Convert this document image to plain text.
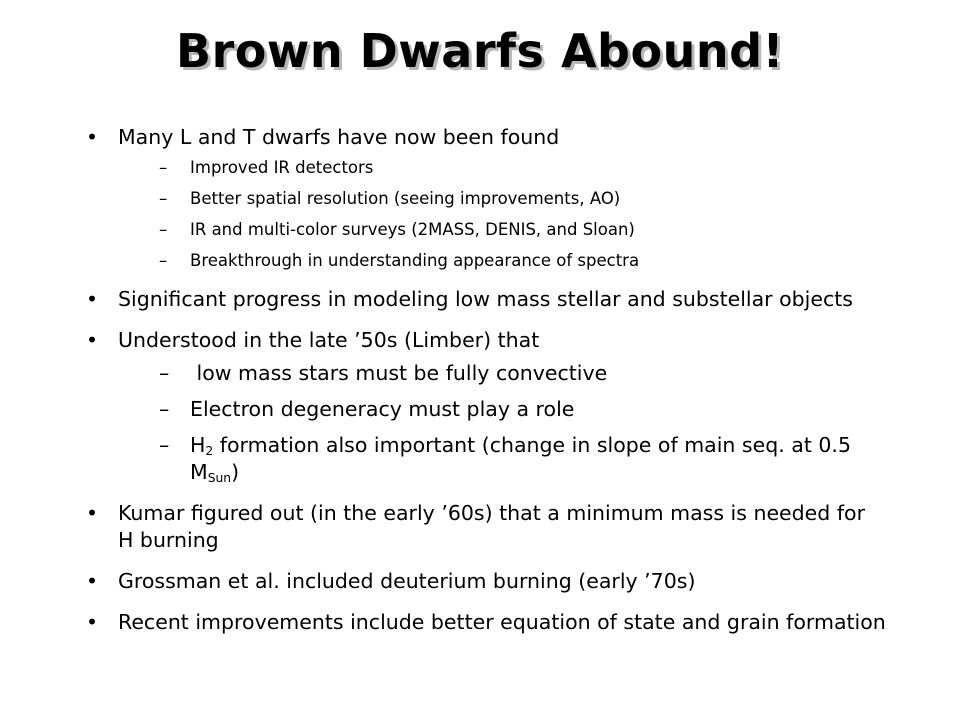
Brown Dwarfs Abound!
• Many L and T dwarfs have now been found
– Improved IR detectors
– Better spatial resolution (seeing improvements, AO)
– IR and multi-color surveys (2MASS, DENIS, and Sloan)
– Breakthrough in understanding appearance of spectra
• Significant progress in modeling low mass stellar and substellar objects
• Understood in the late ’50s (Limber) that
– low mass stars must be fully convective
– Electron degeneracy must play a role
– $H_2$ formation also important (change in slope of main seq. at 0.5 $M_{Sun}$)
• Kumar figured out (in the early ’60s) that a minimum mass is needed for H burning
• Grossman et al. included deuterium burning (early ’70s)
• Recent improvements include better equation of state and grain formation
